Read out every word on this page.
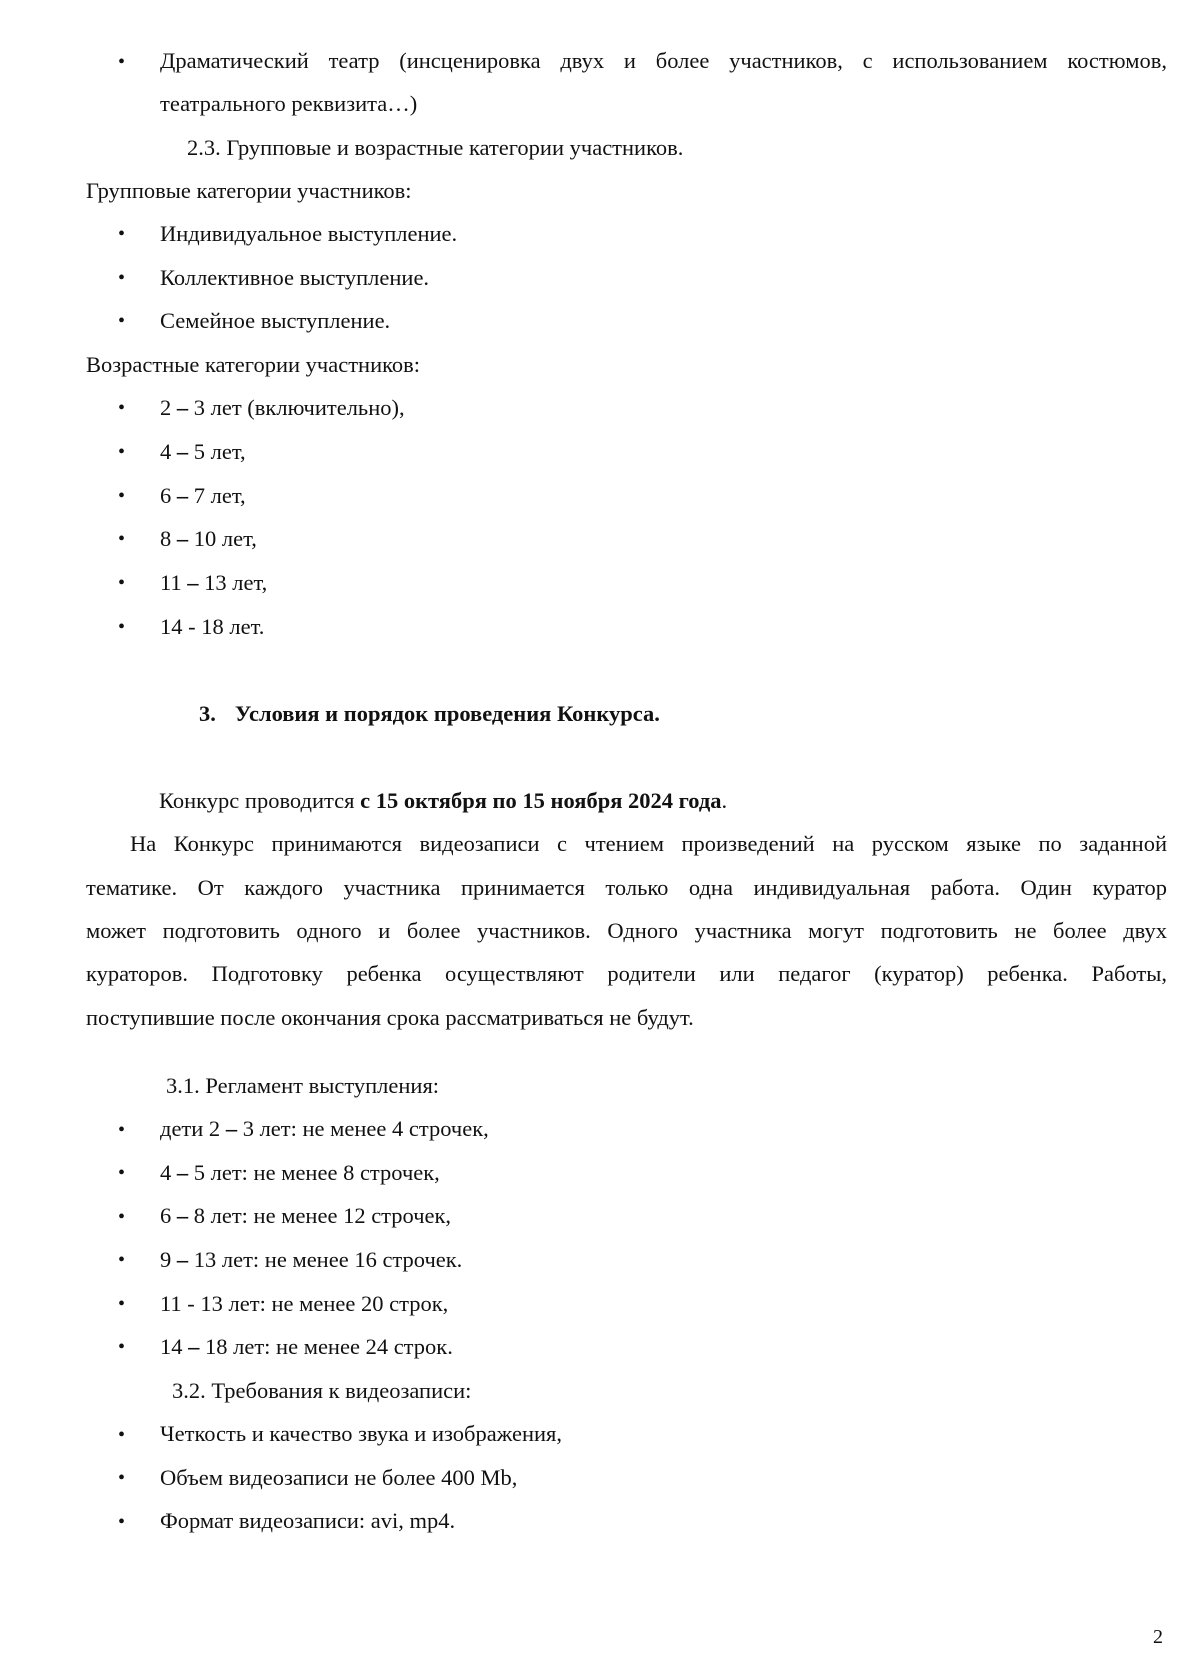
• Драматический театр (инсценировка двух и более участников, с использованием костюмов,
театрального реквизита…)
2.3. Групповые и возрастные категории участников.
Групповые категории участников:
• Индивидуальное выступление.
• Коллективное выступление.
• Семейное выступление.
Возрастные категории участников:
• 2 – 3 лет (включительно),
• 4 – 5 лет,
• 6 – 7 лет,
• 8 – 10 лет,
• 11 – 13 лет,
• 14 - 18 лет.
3. Условия и порядок проведения Конкурса.
Конкурс проводится с 15 октября по 15 ноября 2024 года.
На Конкурс принимаются видеозаписи с чтением произведений на русском языке по заданной
тематике. От каждого участника принимается только одна индивидуальная работа. Один куратор
может подготовить одного и более участников. Одного участника могут подготовить не более двух
кураторов. Подготовку ребенка осуществляют родители или педагог (куратор) ребенка. Работы,
поступившие после окончания срока рассматриваться не будут.
3.1. Регламент выступления:
• дети 2 – 3 лет: не менее 4 строчек,
• 4 – 5 лет: не менее 8 строчек,
• 6 – 8 лет: не менее 12 строчек,
• 9 – 13 лет: не менее 16 строчек.
• 11 - 13 лет: не менее 20 строк,
• 14 – 18 лет: не менее 24 строк.
3.2. Требования к видеозаписи:
• Четкость и качество звука и изображения,
• Объем видеозаписи не более 400 Mb,
• Формат видеозаписи: avi, mp4.
2
